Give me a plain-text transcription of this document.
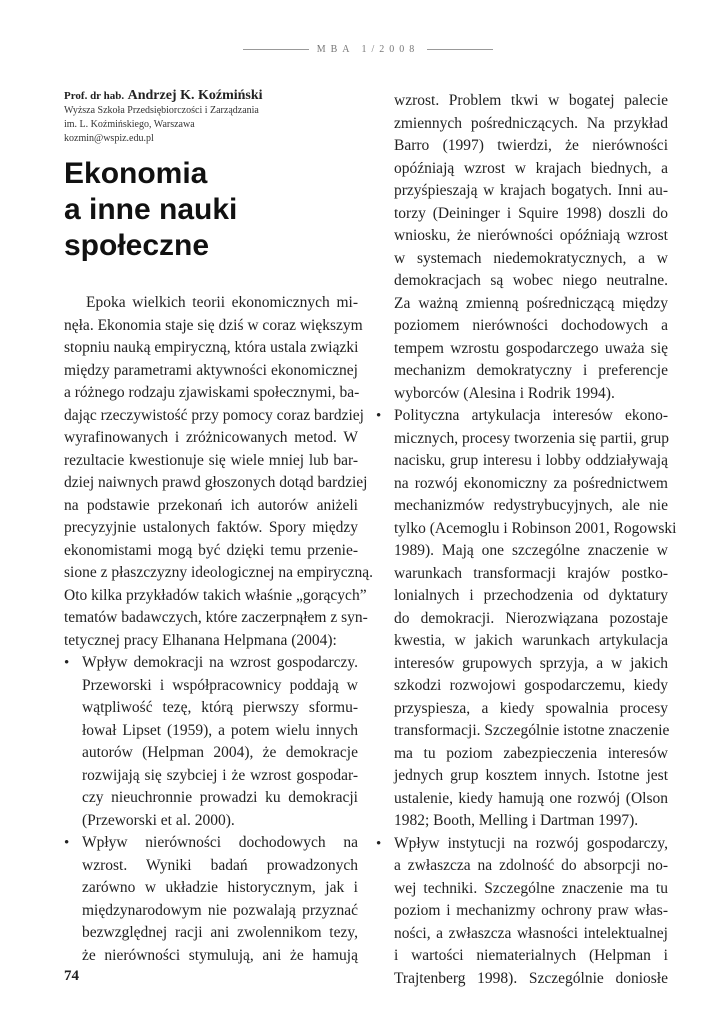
MBA 1/2008
Prof. dr hab. Andrzej K. Koźmiński
Wyższa Szkoła Przedsiębiorczości i Zarządzania
im. L. Koźmińskiego, Warszawa
kozmin@wspiz.edu.pl
Ekonomia
a inne nauki
społeczne
Epoka wielkich teorii ekonomicznych mi-
nęła. Ekonomia staje się dziś w coraz większym
stopniu nauką empiryczną, która ustala związki
między parametrami aktywności ekonomicznej
a różnego rodzaju zjawiskami społecznymi, ba-
dając rzeczywistość przy pomocy coraz bardziej
wyrafinowanych i zróżnicowanych metod. W
rezultacie kwestionuje się wiele mniej lub bar-
dziej naiwnych prawd głoszonych dotąd bardziej
na podstawie przekonań ich autorów aniżeli
precyzyjnie ustalonych faktów. Spory między
ekonomistami mogą być dzięki temu przenie-
sione z płaszczyzny ideologicznej na empiryczną.
Oto kilka przykładów takich właśnie „gorących”
tematów badawczych, które zaczerpnąłem z syn-
tetycznej pracy Elhanana Helpmana (2004):
• Wpływ demokracji na wzrost gospodarczy.
Przeworski i współpracownicy poddają w
wątpliwość tezę, którą pierwszy sformu-
łował Lipset (1959), a potem wielu innych
autorów (Helpman 2004), że demokracje
rozwijają się szybciej i że wzrost gospodar-
czy nieuchronnie prowadzi ku demokracji
(Przeworski et al. 2000).
• Wpływ nierówności dochodowych na
wzrost. Wyniki badań prowadzonych
zarówno w układzie historycznym, jak i
międzynarodowym nie pozwalają przyznać
bezwzględnej racji ani zwolennikom tezy,
że nierówności stymulują, ani że hamują
wzrost. Problem tkwi w bogatej palecie
zmiennych pośredniczących. Na przykład
Barro (1997) twierdzi, że nierówności
opóźniają wzrost w krajach biednych, a
przyśpieszają w krajach bogatych. Inni au-
torzy (Deininger i Squire 1998) doszli do
wniosku, że nierówności opóźniają wzrost
w systemach niedemokratycznych, a w
demokracjach są wobec niego neutralne.
Za ważną zmienną pośredniczącą między
poziomem nierówności dochodowych a
tempem wzrostu gospodarczego uważa się
mechanizm demokratyczny i preferencje
wyborców (Alesina i Rodrik 1994).
• Polityczna artykulacja interesów ekono-
micznych, procesy tworzenia się partii, grup
nacisku, grup interesu i lobby oddziaływają
na rozwój ekonomiczny za pośrednictwem
mechanizmów redystrybucyjnych, ale nie
tylko (Acemoglu i Robinson 2001, Rogowski
1989). Mają one szczególne znaczenie w
warunkach transformacji krajów postko-
lonialnych i przechodzenia od dyktatury
do demokracji. Nierozwiązana pozostaje
kwestia, w jakich warunkach artykulacja
interesów grupowych sprzyja, a w jakich
szkodzi rozwojowi gospodarczemu, kiedy
przyspiesza, a kiedy spowalnia procesy
transformacji. Szczególnie istotne znaczenie
ma tu poziom zabezpieczenia interesów
jednych grup kosztem innych. Istotne jest
ustalenie, kiedy hamują one rozwój (Olson
1982; Booth, Melling i Dartman 1997).
• Wpływ instytucji na rozwój gospodarczy,
a zwłaszcza na zdolność do absorpcji no-
wej techniki. Szczególne znaczenie ma tu
poziom i mechanizmy ochrony praw włas-
ności, a zwłaszcza własności intelektualnej
i wartości niematerialnych (Helpman i
Trajtenberg 1998). Szczególnie doniosłe
74
